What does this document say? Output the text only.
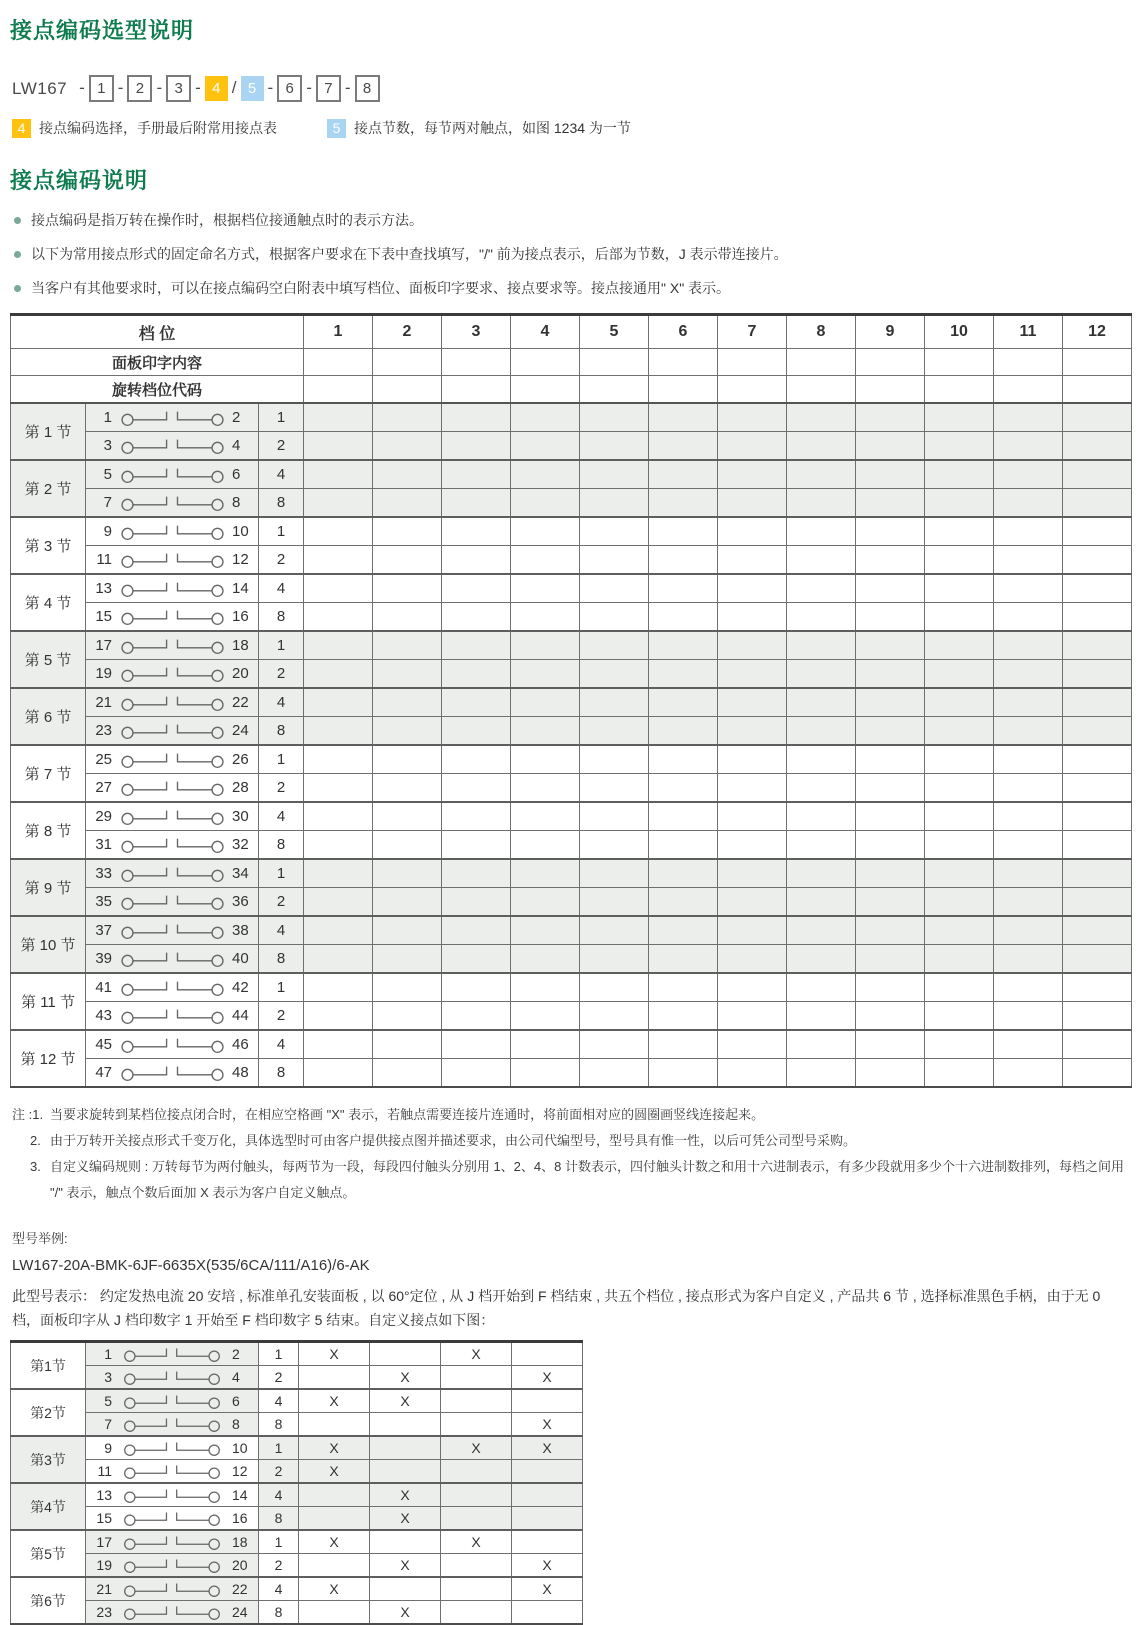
接点编码选型说明
LW167 - 1 - 2 - 3 - 4 / 5 - 6 - 7 - 8
4 接点编码选择，手册最后附常用接点表	5 接点节数，每节两对触点，如图 1234 为一节
接点编码说明
接点编码是指万转在操作时，根据档位接通触点时的表示方法。
以下为常用接点形式的固定命名方式，根据客户要求在下表中查找填写，"/" 前为接点表示，后部为节数，J 表示带连接片。
当客户有其他要求时，可以在接点编码空白附表中填写档位、面板印字要求、接点要求等。接点接通用" X" 表示。
档 位			1	2	3	4	5	6	7	8	9	10	11	12
面板印字内容														
旋转档位代码														
第 1 节	1 2	1												

	3 4	2												
第 2 节	5 6	4												

	7 8	8												
第 3 节	9 10	1												

	11 12	2												
第 4 节	13 14	4												

	15 16	8												
第 5 节	17 18	1												

	19 20	2												
第 6 节	21 22	4												

	23 24	8												
第 7 节	25 26	1												

	27 28	2												
第 8 节	29 30	4												

	31 32	8												
第 9 节	33 34	1												

	35 36	2												
第 10 节	37 38	4												

	39 40	8												
第 11 节	41 42	1												

	43 44	2												
第 12 节	45 46	4												

	47 48	8												
注 :1. 当要求旋转到某档位接点闭合时，在相应空格画 "X" 表示，若触点需要连接片连通时，将前面相对应的圆圈画竖线连接起来。
2. 由于万转开关接点形式千变万化，具体选型时可由客户提供接点图并描述要求，由公司代编型号，型号具有惟一性，以后可凭公司型号采购。
3. 自定义编码规则 : 万转每节为两付触头，每两节为一段，每段四付触头分别用 1、2、4、8 计数表示，四付触头计数之和用十六进制表示，有多少段就用多少个十六进制数排列，每档之间用 "/" 表示，触点个数后面加 X 表示为客户自定义触点。
型号举例:
LW167-20A-BMK-6JF-6635X(535/6CA/111/A16)/6-AK
此型号表示： 约定发热电流 20 安培 , 标准单孔安装面板 , 以 60°定位 , 从 J 档开始到 F 档结束 , 共五个档位 , 接点形式为客户自定义 , 产品共 6 节 , 选择标准黑色手柄，由于无 0 档，面板印字从 J 档印数字 1 开始至 F 档印数字 5 结束。自定义接点如下图：
第1节	1 2	1	X		X	

	3 4	2		X		X
第2节	5 6	4	X	X		

	7 8	8				X
第3节	9 10	1	X		X	X

	11 12	2	X			
第4节	13 14	4		X		

	15 16	8		X		
第5节	17 18	1	X		X	

	19 20	2		X		X
第6节	21 22	4	X			X

	23 24	8		X		
